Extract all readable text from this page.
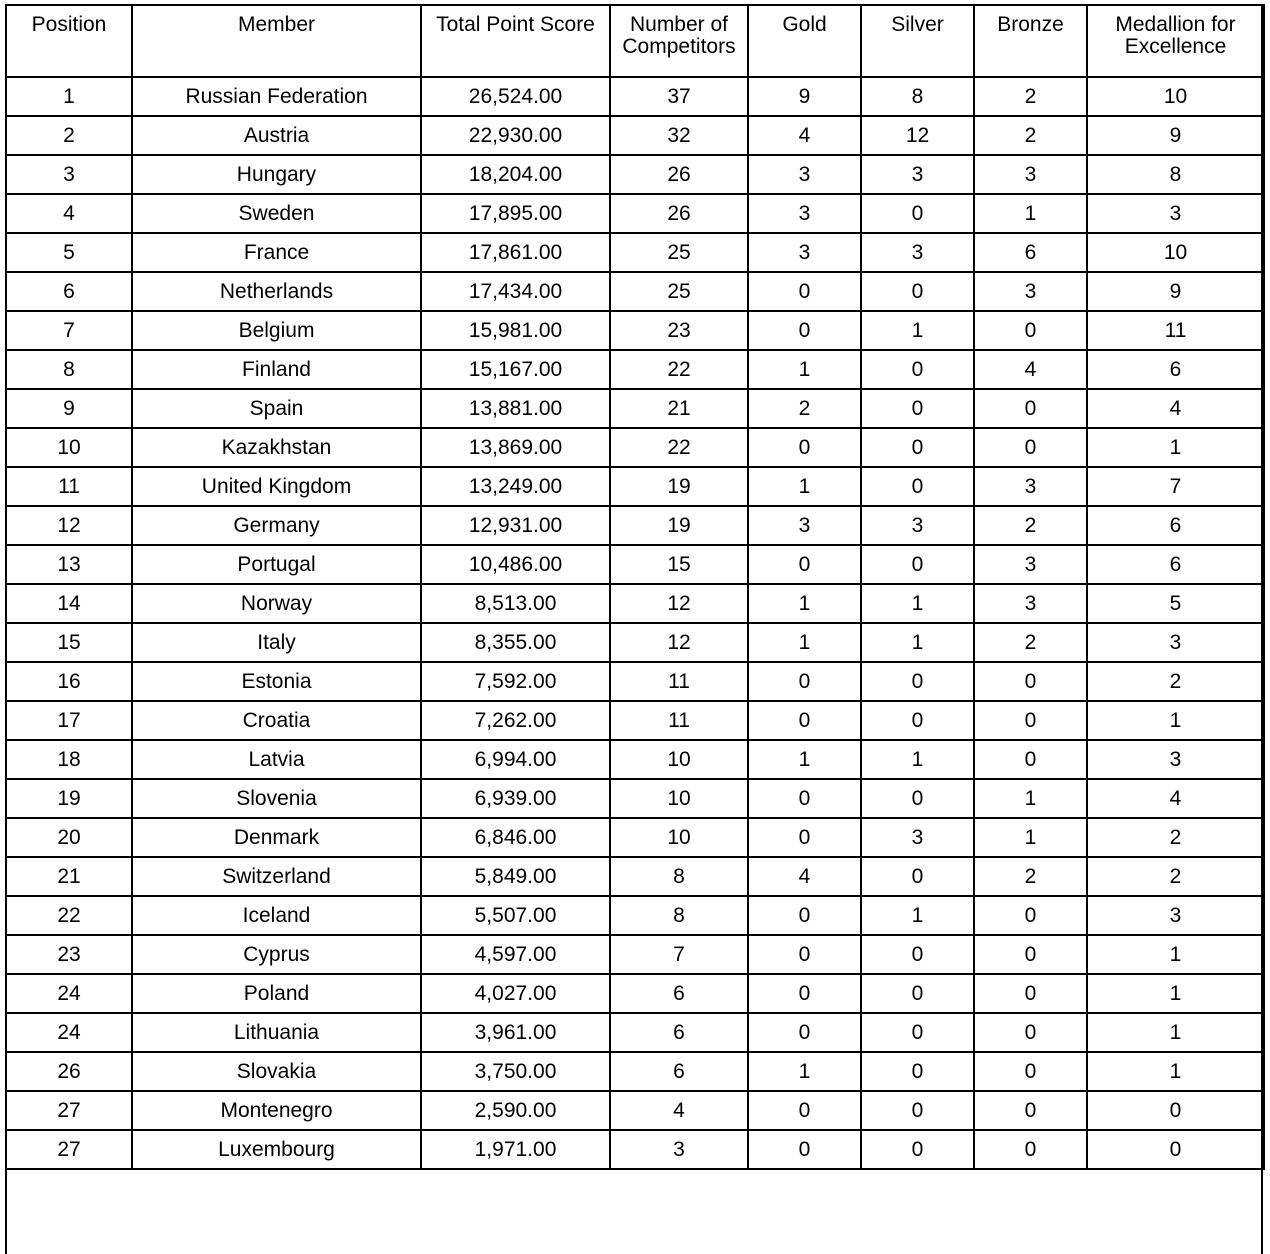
Position	Member	Total Point Score	Number of Competitors	Gold	Silver	Bronze	Medallion for Excellence
1	Russian Federation	26,524.00	37	9	8	2	10
2	Austria	22,930.00	32	4	12	2	9
3	Hungary	18,204.00	26	3	3	3	8
4	Sweden	17,895.00	26	3	0	1	3
5	France	17,861.00	25	3	3	6	10
6	Netherlands	17,434.00	25	0	0	3	9
7	Belgium	15,981.00	23	0	1	0	11
8	Finland	15,167.00	22	1	0	4	6
9	Spain	13,881.00	21	2	0	0	4
10	Kazakhstan	13,869.00	22	0	0	0	1
11	United Kingdom	13,249.00	19	1	0	3	7
12	Germany	12,931.00	19	3	3	2	6
13	Portugal	10,486.00	15	0	0	3	6
14	Norway	8,513.00	12	1	1	3	5
15	Italy	8,355.00	12	1	1	2	3
16	Estonia	7,592.00	11	0	0	0	2
17	Croatia	7,262.00	11	0	0	0	1
18	Latvia	6,994.00	10	1	1	0	3
19	Slovenia	6,939.00	10	0	0	1	4
20	Denmark	6,846.00	10	0	3	1	2
21	Switzerland	5,849.00	8	4	0	2	2
22	Iceland	5,507.00	8	0	1	0	3
23	Cyprus	4,597.00	7	0	0	0	1
24	Poland	4,027.00	6	0	0	0	1
24	Lithuania	3,961.00	6	0	0	0	1
26	Slovakia	3,750.00	6	1	0	0	1
27	Montenegro	2,590.00	4	0	0	0	0
27	Luxembourg	1,971.00	3	0	0	0	0
